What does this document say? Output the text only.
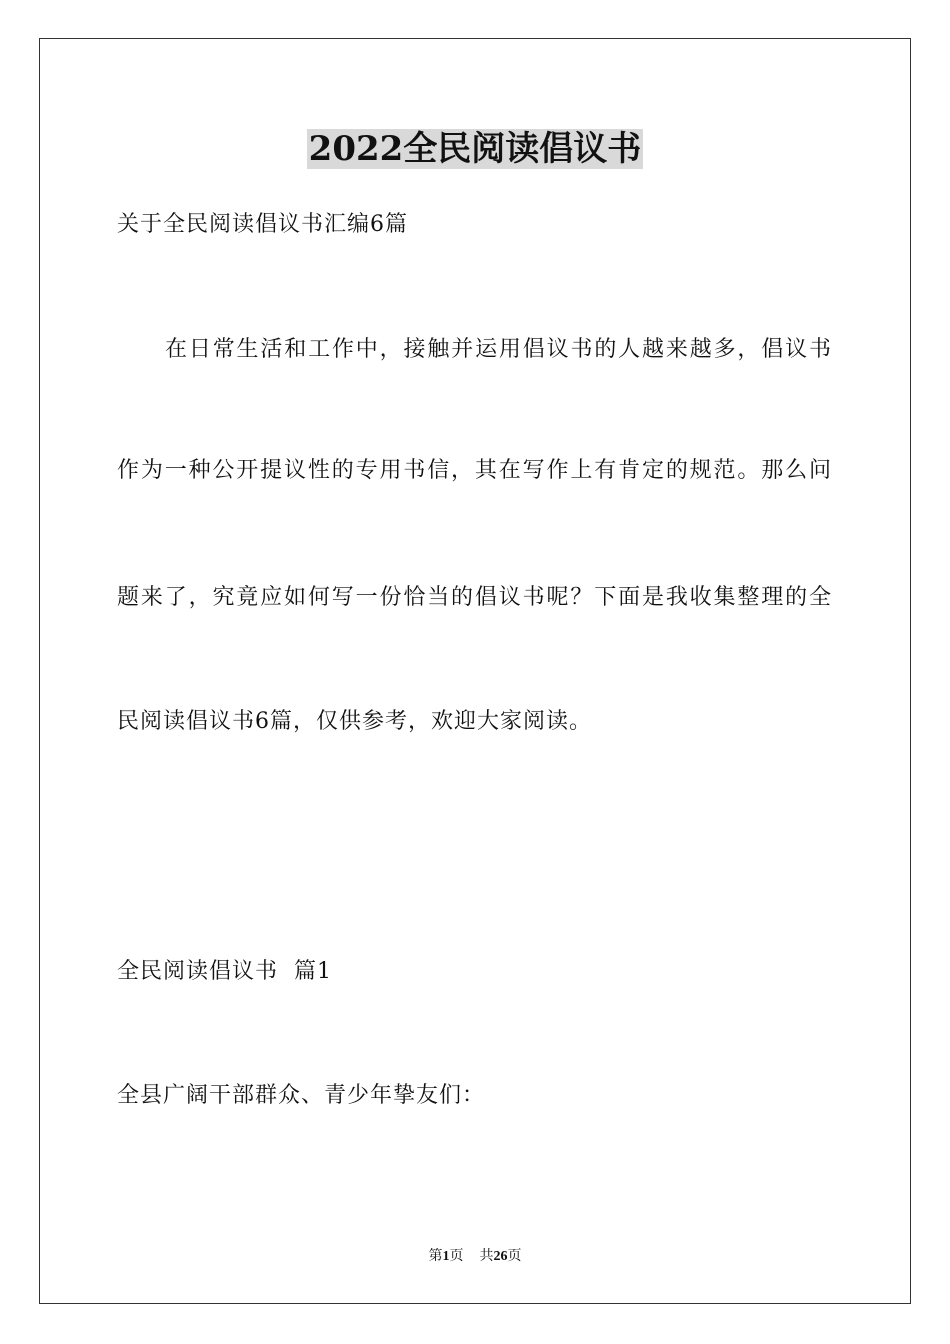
2022全民阅读倡议书

关于全民阅读倡议书汇编6篇

在日常生活和工作中，接触并运用倡议书的人越来越多，倡议书

作为一种公开提议性的专用书信，其在写作上有肯定的规范。那么问

题来了，究竟应如何写一份恰当的倡议书呢？下面是我收集整理的全

民阅读倡议书6篇，仅供参考，欢迎大家阅读。

全民阅读倡议书  篇1

全县广阔干部群众、青少年挚友们：

第1页 共26页
